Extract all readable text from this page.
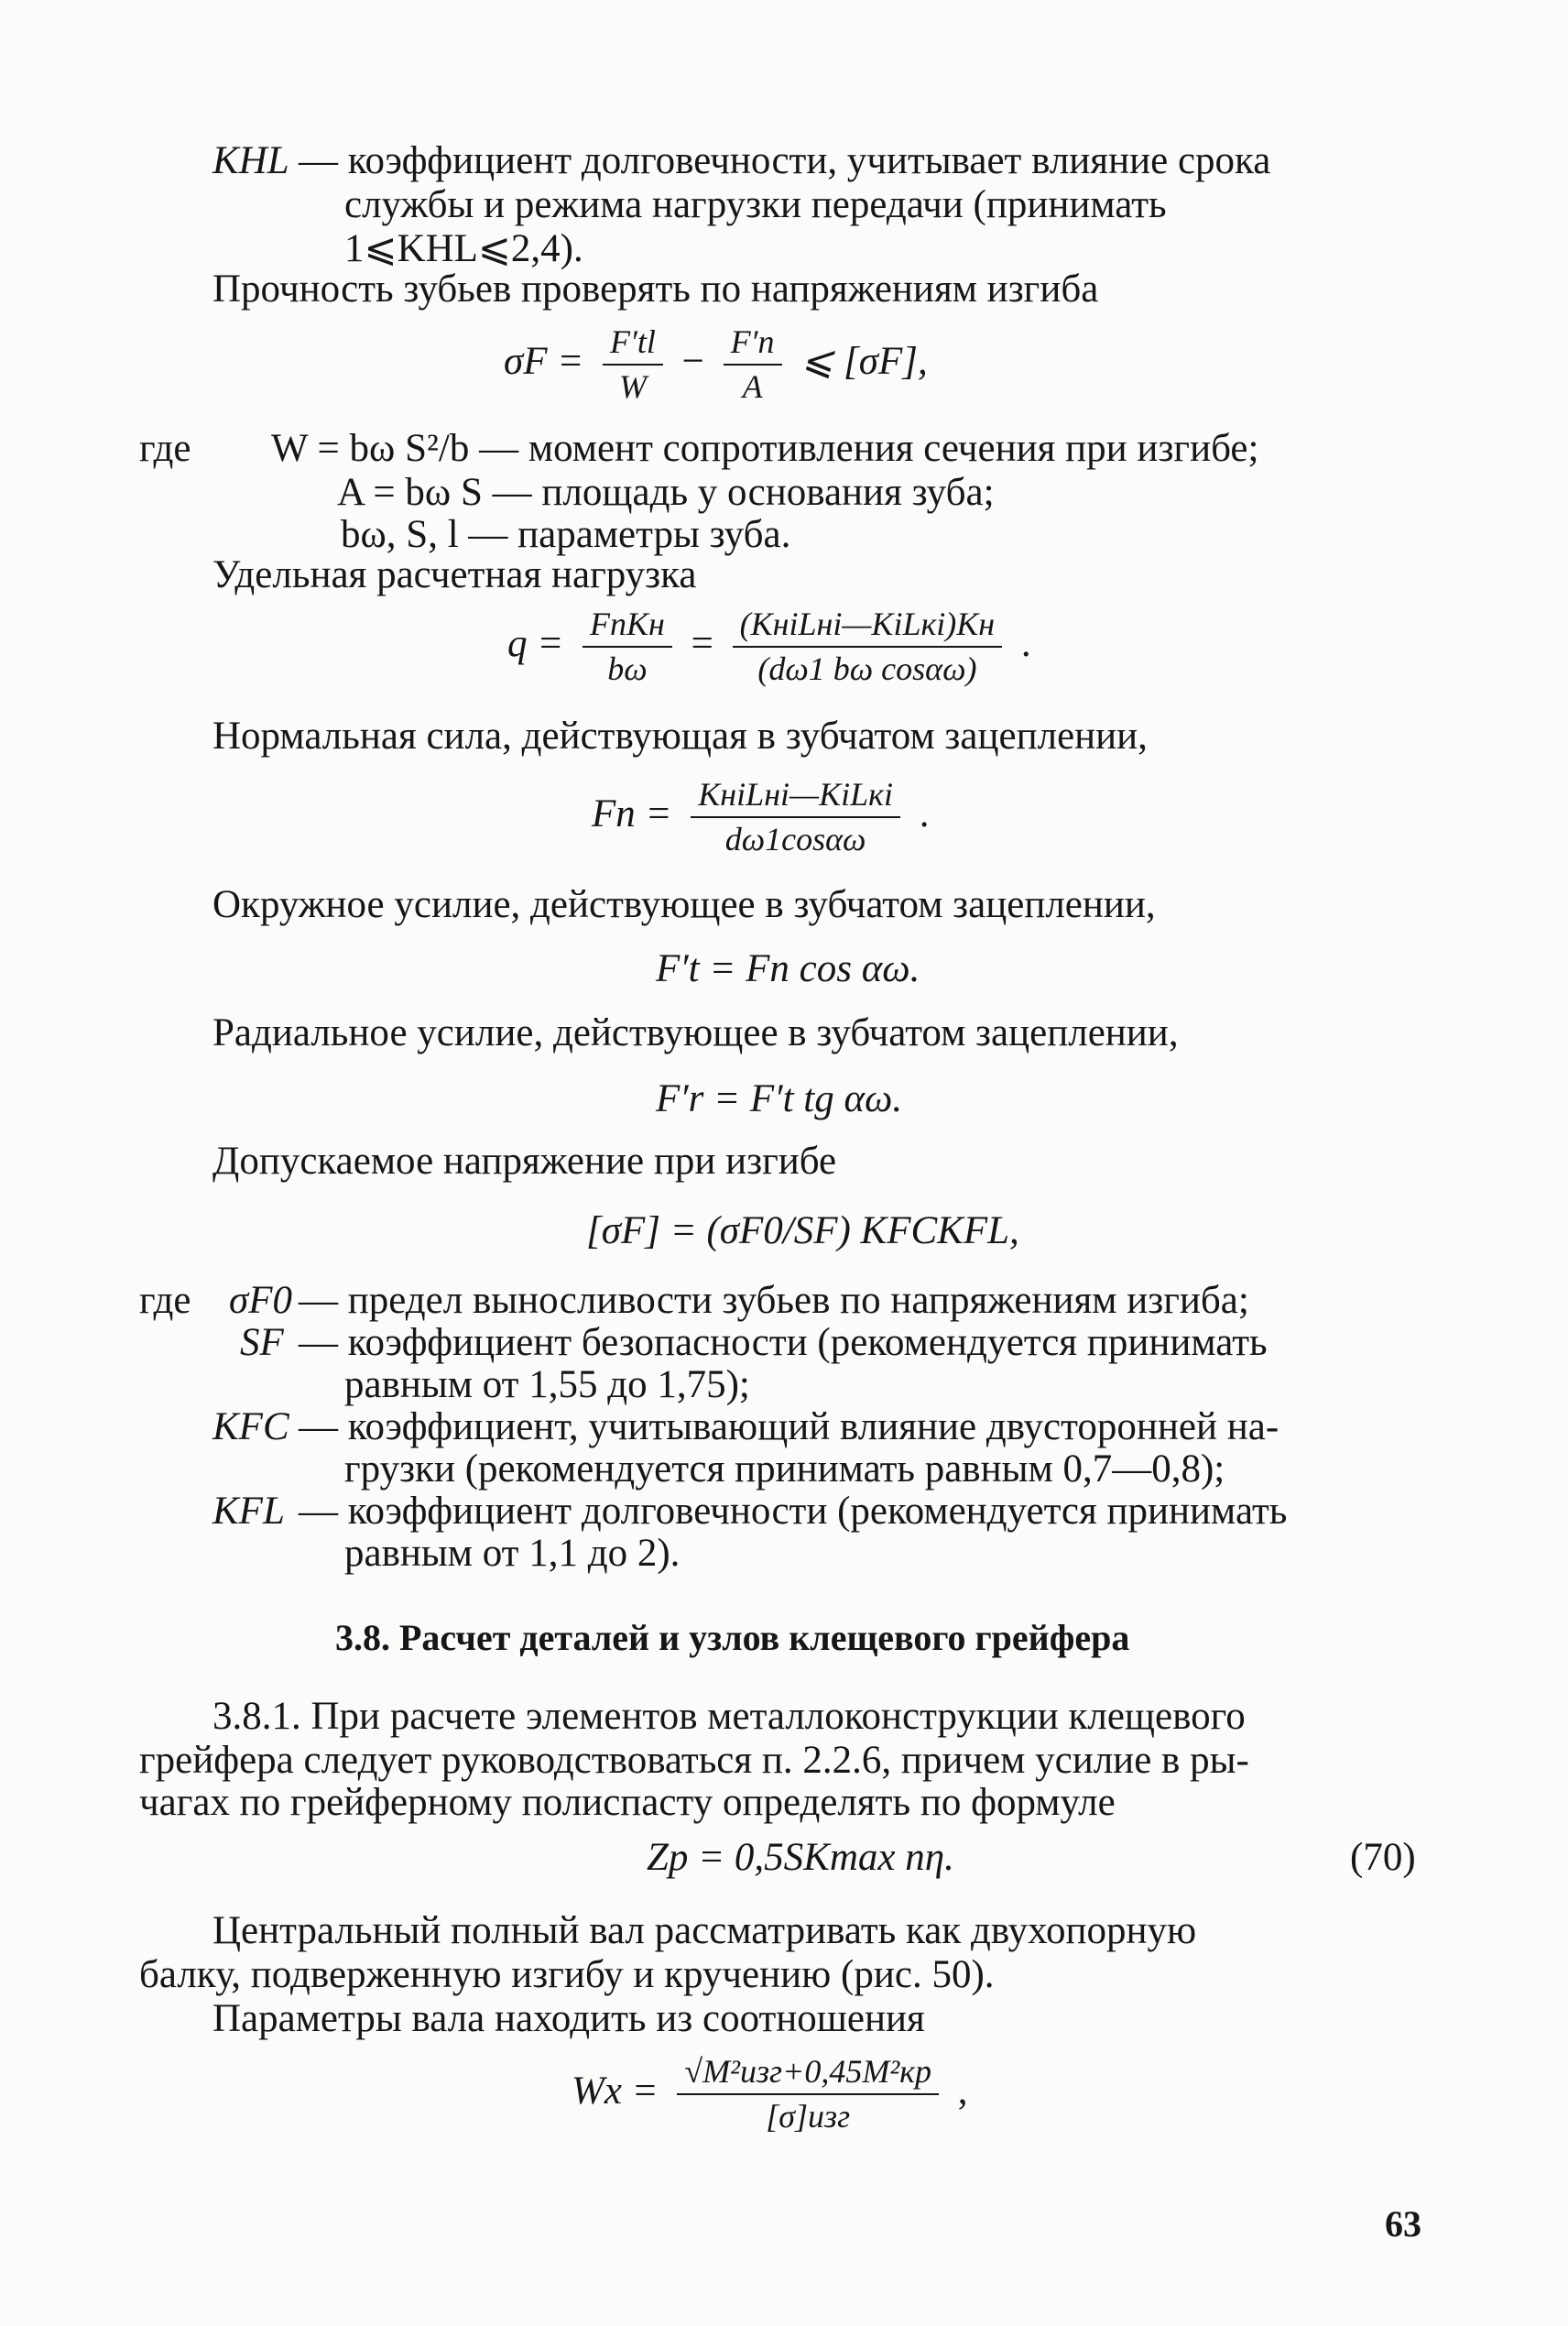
KHL — коэффициент долговечности, учитывает влияние срока
службы и режима нагрузки передачи (принимать
1⩽KHL⩽2,4).
Прочность зубьев проверять по напряжениям изгиба
$\sigma F = \frac{F'tl}{W} - \frac{F'п}{A}$ ⩽ [σF],
где W = bω S²/b — момент сопротивления сечения при изгибе;
A = bω S — площадь у основания зуба;
bω, S, l — параметры зуба.
Удельная расчетная нагрузка
$q = \frac{\text{FпKн}}{b\omega} = \frac{\text{(KнiLнi—KiLкi)Kн}}{\text{(dω1 bω cosαω)}}$ .
Нормальная сила, действующая в зубчатом зацеплении,
Fп = $\frac{\text{KнiLнi—KiLкi}}{d\omega 1\cos\alpha\omega}$ .
Окружное усилие, действующее в зубчатом зацеплении,
F′t = Fп cos αω.
Радиальное усилие, действующее в зубчатом зацеплении,
F′r = F′t tg αω.
Допускаемое напряжение при изгибе
[σF] = (σF0/SF) KFCKFL,
где σF0 — предел выносливости зубьев по напряжениям изгиба;
SF — коэффициент безопасности (рекомендуется принимать
равным от 1,55 до 1,75);
KFC — коэффициент, учитывающий влияние двусторонней на-
грузки (рекомендуется принимать равным 0,7—0,8);
KFL — коэффициент долговечности (рекомендуется принимать
равным от 1,1 до 2).
3.8. Расчет деталей и узлов клещевого грейфера
3.8.1. При расчете элементов металлоконструкции клещевого
грейфера следует руководствоваться п. 2.2.6, причем усилие в ры-
чагах по грейферному полиспасту определять по формуле
Zp = 0,5SKmax nη.	(70)
Центральный полный вал рассматривать как двухопорную
балку, подверженную изгибу и кручению (рис. 50).
Параметры вала находить из соотношения
$Wx = \frac{\text{√M²изг+0,45M²кр}}{\text{[σ]изг}}$ ,
63
